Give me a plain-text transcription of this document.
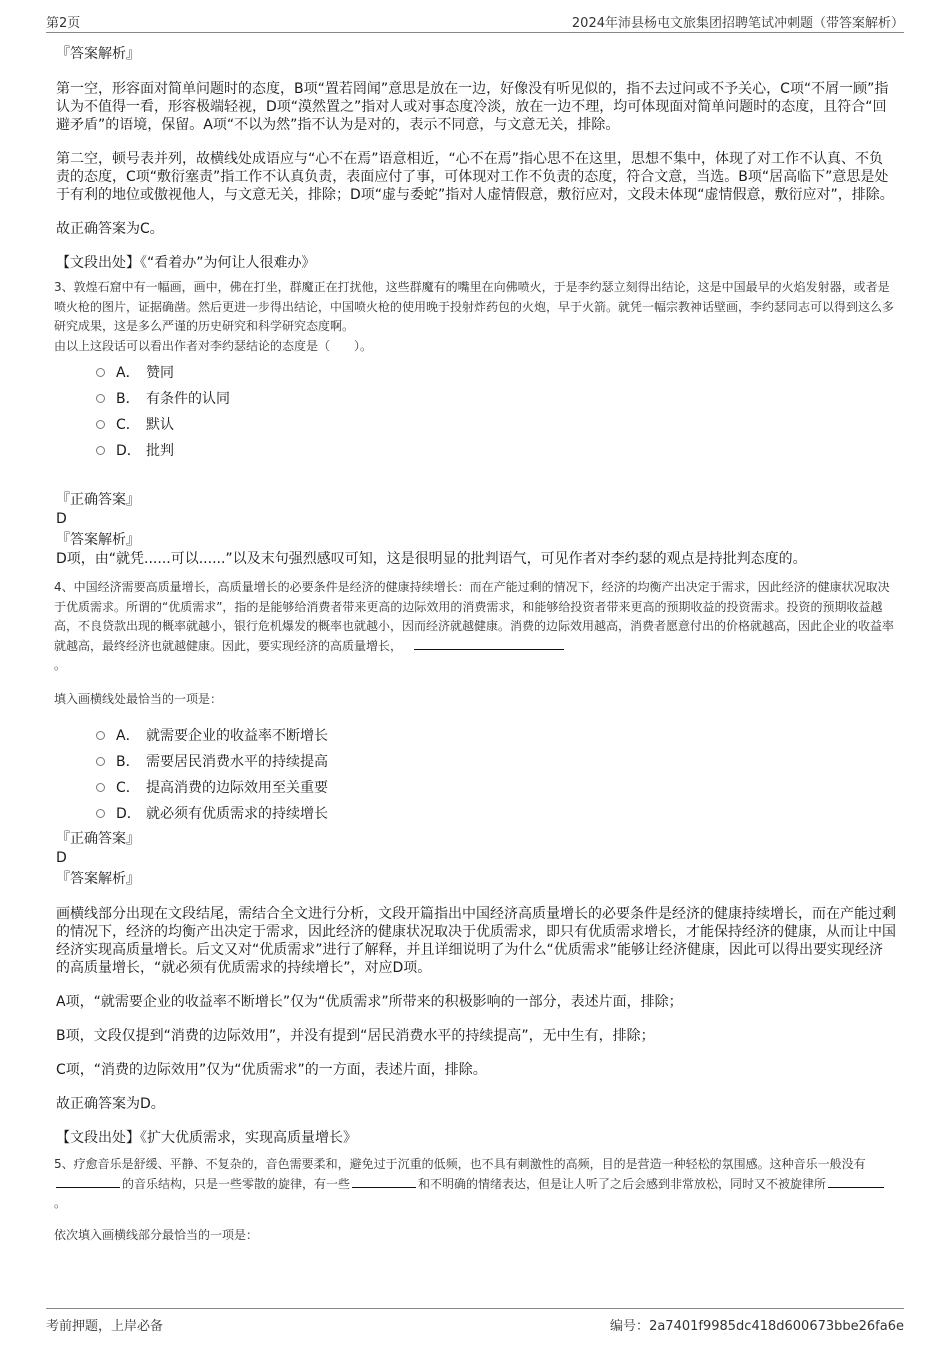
第2页	2024年沛县杨屯文旅集团招聘笔试冲刺题（带答案解析）

『答案解析』

第一空，形容面对简单问题时的态度，B项“置若罔闻”意思是放在一边，好像没有听见似的，指不去过问或不予关心，C项“不屑一顾”指认为不值得一看，形容极端轻视，D项“漠然置之”指对人或对事态度冷淡，放在一边不理，均可体现面对简单问题时的态度，且符合“回避矛盾”的语境，保留。A项“不以为然”指不认为是对的，表示不同意，与文意无关，排除。

第二空，顿号表并列，故横线处成语应与“心不在焉”语意相近，“心不在焉”指心思不在这里，思想不集中，体现了对工作不认真、不负责的态度，C项“敷衍塞责”指工作不认真负责，表面应付了事，可体现对工作不负责的态度，符合文意，当选。B项“居高临下”意思是处于有利的地位或傲视他人，与文意无关，排除；D项“虚与委蛇”指对人虚情假意，敷衍应对，文段未体现“虚情假意，敷衍应对”，排除。

故正确答案为C。

【文段出处】《“看着办”为何让人很难办》

3、敦煌石窟中有一幅画，画中，佛在打坐，群魔正在打扰他，这些群魔有的嘴里在向佛喷火，于是李约瑟立刻得出结论，这是中国最早的火焰发射器，或者是喷火枪的图片，证据确凿。然后更进一步得出结论，中国喷火枪的使用晚于投射炸药包的火炮，早于火箭。就凭一幅宗教神话壁画，李约瑟同志可以得到这么多研究成果，这是多么严谨的历史研究和科学研究态度啊。

由以上这段话可以看出作者对李约瑟结论的态度是（　　）。

A． 赞同
B． 有条件的认同
C． 默认
D． 批判

『正确答案』

D

『答案解析』

D项，由“就凭......可以......”以及末句强烈感叹可知，这是很明显的批判语气，可见作者对李约瑟的观点是持批判态度的。

4、中国经济需要高质量增长，高质量增长的必要条件是经济的健康持续增长：而在产能过剩的情况下，经济的均衡产出决定于需求，因此经济的健康状况取决于优质需求。所谓的“优质需求”，指的是能够给消费者带来更高的边际效用的消费需求，和能够给投资者带来更高的预期收益的投资需求。投资的预期收益越高，不良贷款出现的概率就越小，银行危机爆发的概率也就越小，因而经济就越健康。消费的边际效用越高，消费者愿意付出的价格就越高，因此企业的收益率就越高，最终经济也就越健康。因此，要实现经济的高质量增长，

。

填入画横线处最恰当的一项是：

A． 就需要企业的收益率不断增长
B． 需要居民消费水平的持续提高
C． 提高消费的边际效用至关重要
D． 就必须有优质需求的持续增长

『正确答案』

D

『答案解析』

画横线部分出现在文段结尾，需结合全文进行分析，文段开篇指出中国经济高质量增长的必要条件是经济的健康持续增长，而在产能过剩的情况下，经济的均衡产出决定于需求，因此经济的健康状况取决于优质需求，即只有优质需求增长，才能保持经济的健康，从而让中国经济实现高质量增长。后文又对“优质需求”进行了解释，并且详细说明了为什么“优质需求”能够让经济健康，因此可以得出要实现经济的高质量增长，“就必须有优质需求的持续增长”，对应D项。

A项，“就需要企业的收益率不断增长”仅为“优质需求”所带来的积极影响的一部分，表述片面，排除；

B项，文段仅提到“消费的边际效用”，并没有提到“居民消费水平的持续提高”，无中生有，排除；

C项，“消费的边际效用”仅为“优质需求”的一方面，表述片面，排除。

故正确答案为D。

【文段出处】《扩大优质需求，实现高质量增长》

5、疗愈音乐是舒缓、平静、不复杂的，音色需要柔和，避免过于沉重的低频，也不具有刺激性的高频，目的是营造一种轻松的氛围感。这种音乐一般没有的音乐结构，只是一些零散的旋律，有一些	和不明确的情绪表达，但是让人听了之后会感到非常放松，同时又不被旋律所。

依次填入画横线部分最恰当的一项是：

考前押题，上岸必备	编号：2a7401f9985dc418d600673bbe26fa6e
